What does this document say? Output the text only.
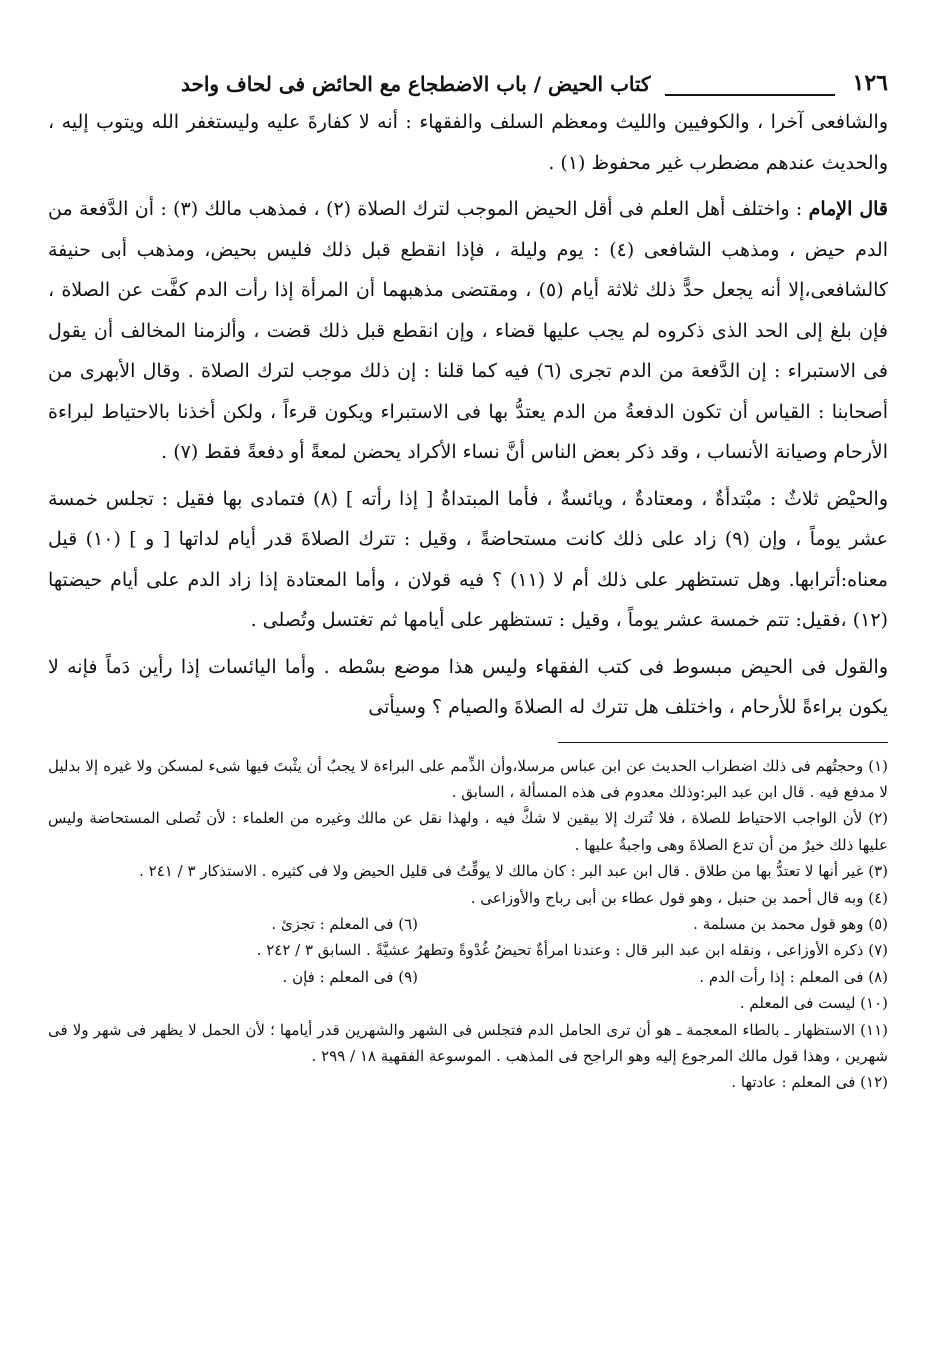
١٢٦
كتاب الحيض / باب الاضطجاع مع الحائض فى لحاف واحد

والشافعى آخرا ، والكوفيين والليث ومعظم السلف والفقهاء : أنه لا كفارةَ عليه وليستغفر الله ويتوب إليه ، والحديث عندهم مضطرب غير محفوظ (١) .

قال الإمام : واختلف أهل العلم فى أقل الحيض الموجب لترك الصلاة (٢) ، فمذهب مالك (٣) : أن الدَّفعة من الدم حيض ، ومذهب الشافعى (٤) : يوم وليلة ، فإذا انقطع قبل ذلك فليس بحيض، ومذهب أبى حنيفة كالشافعى،إلا أنه يجعل حدًّ ذلك ثلاثة أيام (٥) ، ومقتضى مذهبهما أن المرأة إذا رأت الدم كفَّت عن الصلاة ، فإن بلغ إلى الحد الذى ذكروه لم يجب عليها قضاء ، وإن انقطع قبل ذلك قضت ، وألزمنا المخالف أن يقول فى الاستبراء : إن الدَّفعة من الدم تجرى (٦) فيه كما قلنا : إن ذلك موجب لترك الصلاة . وقال الأبهرى من أصحابنا : القياس أن تكون الدفعةُ من الدم يعتدُّ بها فى الاستبراء ويكون قرءاً ، ولكن أخذنا بالاحتياط لبراءة الأرحام وصيانة الأنساب ، وقد ذكر بعض الناس أنَّ نساء الأكراد يحضن لمعةً أو دفعةً فقط (٧) .

والحيْض ثلاثٌ : مبْتدأةٌ ، ومعتادةٌ ، ويائسةٌ ، فأما المبتداةُ [ إذا رأته ] (٨) فتمادى بها فقيل : تجلس خمسة عشر يوماً ، وإن (٩) زاد على ذلك كانت مستحاضةً ، وقيل : تترك الصلاةَ قدر أيام لداتها [ و ] (١٠) قيل معناه:أترابها. وهل تستظهر على ذلك أم لا (١١) ؟ فيه قولان ، وأما المعتادة إذا زاد الدم على أيام حيضتها (١٢) ،فقيل: تتم خمسة عشر يوماً ، وقيل : تستظهر على أيامها ثم تغتسل وتُصلى .

والقول فى الحيض مبسوط فى كتب الفقهاء وليس هذا موضع بسْطه . وأما اليائسات إذا رأين دَماً فإنه لا يكون براءةً للأرحام ، واختلف هل تترك له الصلاةَ والصيام ؟ وسيأتى

(١) وحجتُهم فى ذلك اضطراب الحديث عن ابن عباس مرسلا،وأن الذِّمم على البراءة لا يجبُ أن يثْبتَ فيها شىء لمسكن ولا غيره إلا بدليل لا مدفع فيه . قال ابن عبد البر:وذلك معدوم فى هذه المسألة ، السابق .

(٢) لأن الواجب الاحتياط للصلاة ، فلا تُترك إلا بيقين لا شكَّ فيه ، ولهذا نقل عن مالك وغيره من العلماء : لأن تُصلى المستحاضة وليس عليها ذلك خيرٌ من أن تدع الصلاةَ وهى واجبةٌ عليها .

(٣) غير أنها لا تعتدُّ بها من طلاق . قال ابن عبد البر : كان مالك لا يوقِّتُ فى قليل الحيض ولا فى كثيره . الاستذكار ٣ / ٢٤١ .

(٤) وبه قال أحمد بن حنبل ، وهو قول عطاء بن أبى رباح والأوزاعى .

(٥) وهو قول محمد بن مسلمة .

(٦) فى المعلم : تجزئ .

(٧) ذكره الأوزاعى ، ونقله ابن عبد البر قال : وعندنا امرأةٌ تحيضُ غُدْوةً وتطهرُ عشيَّةً . السابق ٣ / ٢٤٢ .

(٨) فى المعلم : إذا رأت الدم .

(٩) فى المعلم : فإن .

(١٠) ليست فى المعلم .

(١١) الاستظهار ـ بالطاء المعجمة ـ هو أن ترى الحامل الدم فتجلس فى الشهر والشهرين قدر أيامها ؛ لأن الحمل لا يظهر فى شهر ولا فى شهرين ، وهذا قول مالك المرجوع إليه وهو الراجح فى المذهب . الموسوعة الفقهية ١٨ / ٢٩٩ .

(١٢) فى المعلم : عادتها .
